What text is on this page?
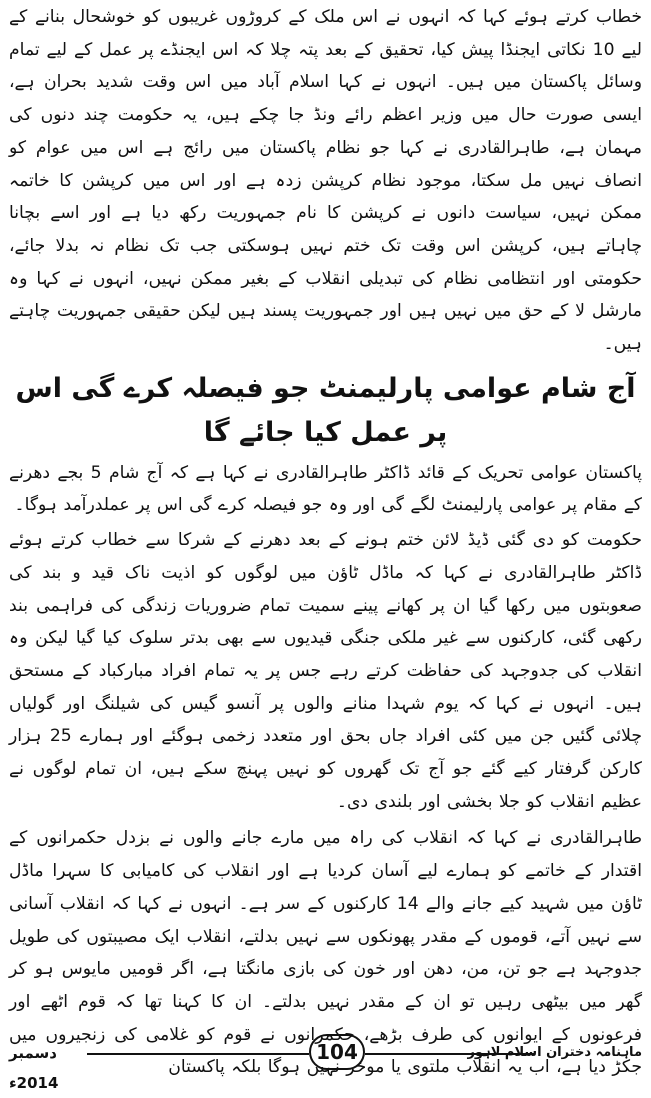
خطاب کرتے ہوئے کہا کہ انہوں نے اس ملک کے کروڑوں غریبوں کو خوشحال بنانے کے لیے 10 نکاتی ایجنڈا پیش کیا، تحقیق کے بعد پتہ چلا کہ اس ایجنڈے پر عمل کے لیے تمام وسائل پاکستان میں ہیں۔ انہوں نے کہا اسلام آباد میں اس وقت شدید بحران ہے، ایسی صورت حال میں وزیر اعظم رائے ونڈ جا چکے ہیں، یہ حکومت چند دنوں کی مہمان ہے، طاہرالقادری نے کہا جو نظام پاکستان میں رائج ہے اس میں عوام کو انصاف نہیں مل سکتا، موجود نظام کرپشن زدہ ہے اور اس میں کرپشن کا خاتمہ ممکن نہیں، سیاست دانوں نے کرپشن کا نام جمہوریت رکھ دیا ہے اور اسے بچانا چاہاتے ہیں، کرپشن اس وقت تک ختم نہیں ہوسکتی جب تک نظام نہ بدلا جائے، حکومتی اور انتظامی نظام کی تبدیلی انقلاب کے بغیر ممکن نہیں، انہوں نے کہا وہ مارشل لا کے حق میں نہیں ہیں اور جمہوریت پسند ہیں لیکن حقیقی جمہوریت چاہتے ہیں۔

آج شام عوامی پارلیمنٹ جو فیصلہ کرے گی اس پر عمل کیا جائے گا

پاکستان عوامی تحریک کے قائد ڈاکٹر طاہرالقادری نے کہا ہے کہ آج شام 5 بجے دھرنے کے مقام پر عوامی پارلیمنٹ لگے گی اور وہ جو فیصلہ کرے گی اس پر عملدرآمد ہوگا۔

حکومت کو دی گئی ڈیڈ لائن ختم ہونے کے بعد دھرنے کے شرکا سے خطاب کرتے ہوئے ڈاکٹر طاہرالقادری نے کہا کہ ماڈل ٹاؤن میں لوگوں کو اذیت ناک قید و بند کی صعوبتوں میں رکھا گیا ان پر کھانے پینے سمیت تمام ضروریات زندگی کی فراہمی بند رکھی گئی، کارکنوں سے غیر ملکی جنگی قیدیوں سے بھی بدتر سلوک کیا گیا لیکن وہ انقلاب کی جدوجہد کی حفاظت کرتے رہے جس پر یہ تمام افراد مبارکباد کے مستحق ہیں۔ انہوں نے کہا کہ یوم شہدا منانے والوں پر آنسو گیس کی شیلنگ اور گولیاں چلائی گئیں جن میں کئی افراد جاں بحق اور متعدد زخمی ہوگئے اور ہمارے 25 ہزار کارکن گرفتار کیے گئے جو آج تک گھروں کو نہیں پہنچ سکے ہیں، ان تمام لوگوں نے عظیم انقلاب کو جلا بخشی اور بلندی دی۔

طاہرالقادری نے کہا کہ انقلاب کی راہ میں مارے جانے والوں نے بزدل حکمرانوں کے اقتدار کے خاتمے کو ہمارے لیے آسان کردیا ہے اور انقلاب کی کامیابی کا سہرا ماڈل ٹاؤن میں شہید کیے جانے والے 14 کارکنوں کے سر ہے۔ انہوں نے کہا کہ انقلاب آسانی سے نہیں آتے، قوموں کے مقدر پھونکوں سے نہیں بدلتے، انقلاب ایک مصیبتوں کی طویل جدوجہد ہے جو تن، من، دھن اور خون کی بازی مانگتا ہے، اگر قومیں مایوس ہو کر گھر میں بیٹھی رہیں تو ان کے مقدر نہیں بدلتے۔ ان کا کہنا تھا کہ قوم اٹھے اور فرعونوں کے ایوانوں کی طرف بڑھے، حکمرانوں نے قوم کو غلامی کی زنجیروں میں جکڑ دیا ہے، اب یہ انقلاب ملتوی یا موخر نہیں ہوگا بلکہ پاکستان

دسمبر 2014ء
104	ماہنامہ دختران اسلام لاہور
